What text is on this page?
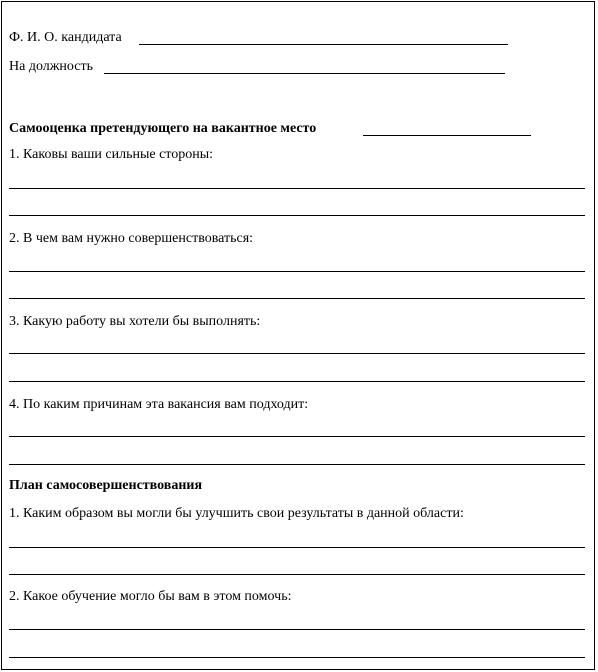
Ф. И. О. кандидата

На должность

Самооценка претендующего на вакантное место

1. Каковы ваши сильные стороны:

2. В чем вам нужно совершенствоваться:

3. Какую работу вы хотели бы выполнять:

4. По каким причинам эта вакансия вам подходит:

План самосовершенствования

1. Каким образом вы могли бы улучшить свои результаты в данной области:

2. Какое обучение могло бы вам в этом помочь:
